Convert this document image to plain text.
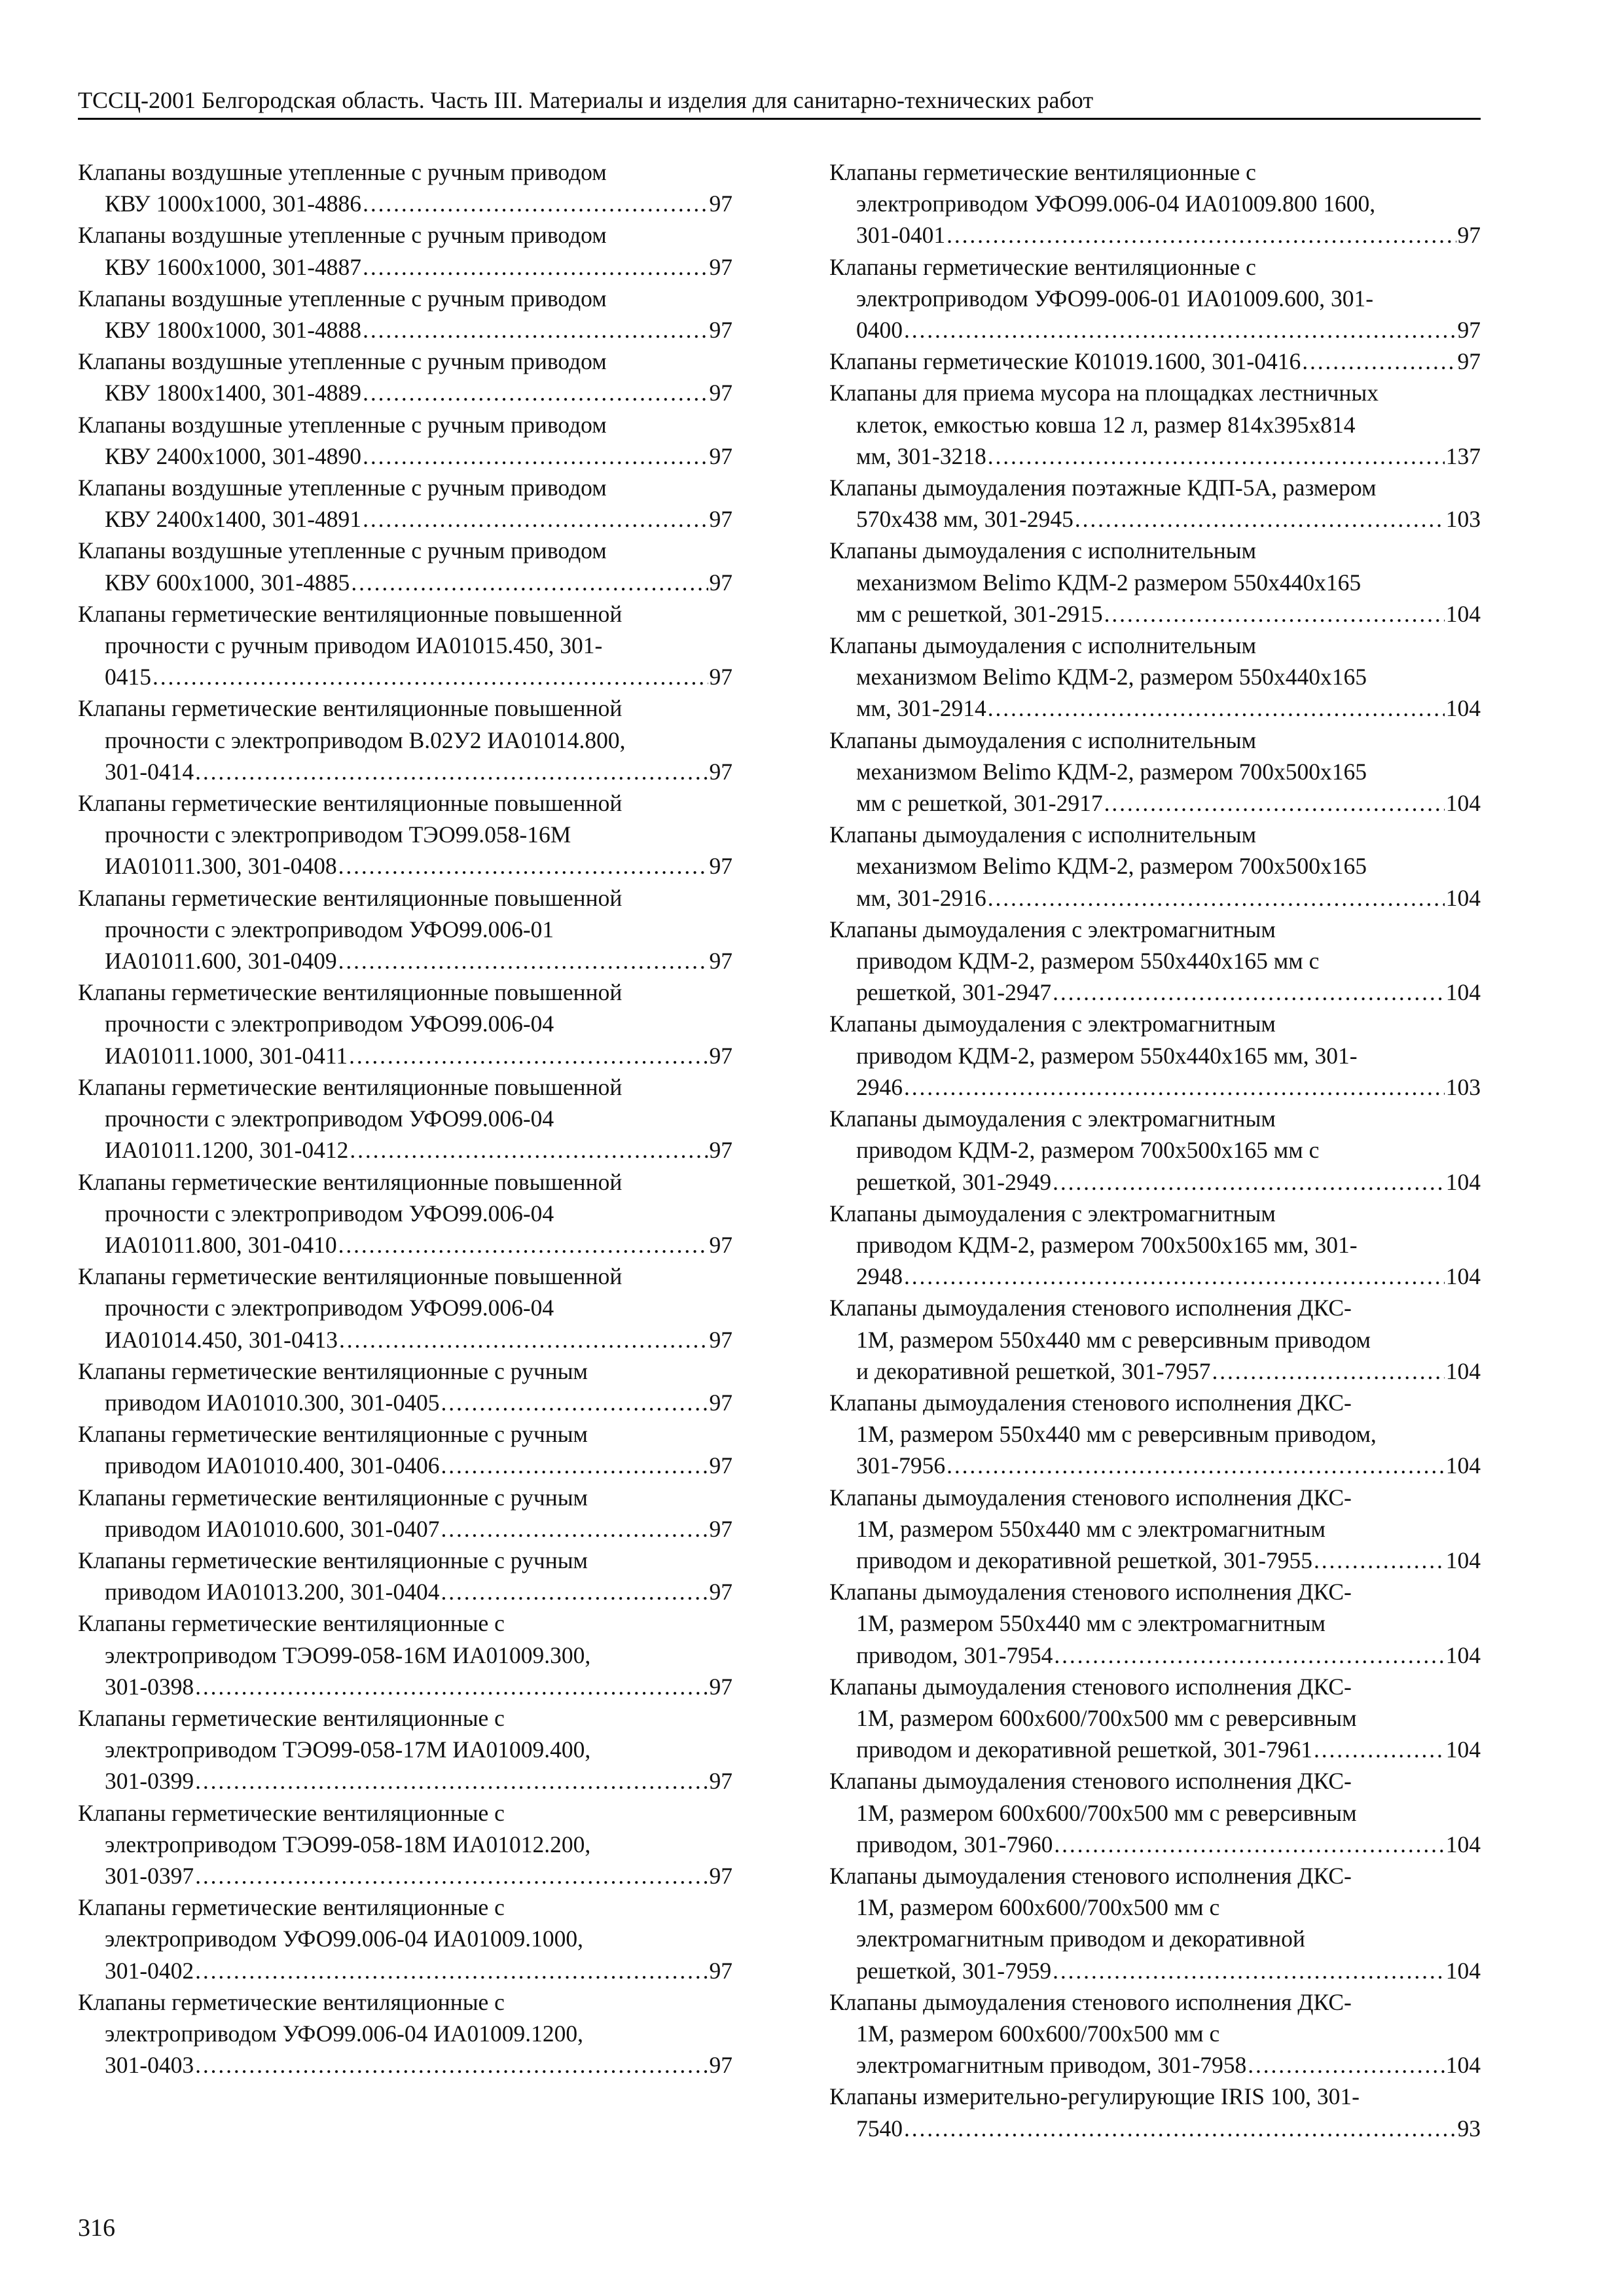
ТССЦ-2001 Белгородская область. Часть III. Материалы и изделия для санитарно-технических работ
Клапаны воздушные утепленные с ручным приводом
КВУ 1000x1000, 301-4886 . . .	97
Клапаны воздушные утепленные с ручным приводом
КВУ 1600x1000, 301-4887 . . .	97
Клапаны воздушные утепленные с ручным приводом
КВУ 1800x1000, 301-4888 . . .	97
Клапаны воздушные утепленные с ручным приводом
КВУ 1800x1400, 301-4889 . . .	97
Клапаны воздушные утепленные с ручным приводом
КВУ 2400x1000, 301-4890 . . .	97
Клапаны воздушные утепленные с ручным приводом
КВУ 2400x1400, 301-4891 . . .	97
Клапаны воздушные утепленные с ручным приводом
КВУ 600x1000, 301-4885 . . .	97
Клапаны герметические вентиляционные повышенной
прочности с ручным приводом ИА01015.450, 301-
0415 . . .	97
Клапаны герметические вентиляционные повышенной
прочности с электроприводом В.02У2 ИА01014.800,
301-0414 . . .	97
Клапаны герметические вентиляционные повышенной
прочности с электроприводом ТЭО99.058-16М
ИА01011.300, 301-0408 . . .	97
Клапаны герметические вентиляционные повышенной
прочности с электроприводом УФО99.006-01
ИА01011.600, 301-0409 . . .	97
Клапаны герметические вентиляционные повышенной
прочности с электроприводом УФО99.006-04
ИА01011.1000, 301-0411 . . .	97
Клапаны герметические вентиляционные повышенной
прочности с электроприводом УФО99.006-04
ИА01011.1200, 301-0412 . . .	97
Клапаны герметические вентиляционные повышенной
прочности с электроприводом УФО99.006-04
ИА01011.800, 301-0410 . . .	97
Клапаны герметические вентиляционные повышенной
прочности с электроприводом УФО99.006-04
ИА01014.450, 301-0413 . . .	97
Клапаны герметические вентиляционные с ручным
приводом ИА01010.300, 301-0405 . . .	97
Клапаны герметические вентиляционные с ручным
приводом ИА01010.400, 301-0406 . . .	97
Клапаны герметические вентиляционные с ручным
приводом ИА01010.600, 301-0407 . . .	97
Клапаны герметические вентиляционные с ручным
приводом ИА01013.200, 301-0404 . . .	97
Клапаны герметические вентиляционные с
электроприводом ТЭО99-058-16М ИА01009.300,
301-0398 . . .	97
Клапаны герметические вентиляционные с
электроприводом ТЭО99-058-17М ИА01009.400,
301-0399 . . .	97
Клапаны герметические вентиляционные с
электроприводом ТЭО99-058-18М ИА01012.200,
301-0397 . . .	97
Клапаны герметические вентиляционные с
электроприводом УФО99.006-04 ИА01009.1000,
301-0402 . . .	97
Клапаны герметические вентиляционные с
электроприводом УФО99.006-04 ИА01009.1200,
301-0403 . . .	97
Клапаны герметические вентиляционные с
электроприводом УФО99.006-04 ИА01009.800 1600,
301-0401 . . .	97
Клапаны герметические вентиляционные с
электроприводом УФО99-006-01 ИА01009.600, 301-
0400 . . .	97
Клапаны герметические К01019.1600, 301-0416 . . .	97
Клапаны для приема мусора на площадках лестничных
клеток, емкостью ковша 12 л, размер 814x395x814
мм, 301-3218 . . .	137
Клапаны дымоудаления поэтажные КДП-5А, размером
570x438 мм, 301-2945 . . .	103
Клапаны дымоудаления с исполнительным
механизмом Belimo КДМ-2 размером 550x440x165
мм с решеткой, 301-2915 . . .	104
Клапаны дымоудаления с исполнительным
механизмом Belimo КДМ-2, размером 550x440x165
мм, 301-2914 . . .	104
Клапаны дымоудаления с исполнительным
механизмом Belimo КДМ-2, размером 700x500x165
мм с решеткой, 301-2917 . . .	104
Клапаны дымоудаления с исполнительным
механизмом Belimo КДМ-2, размером 700x500x165
мм, 301-2916 . . .	104
Клапаны дымоудаления с электромагнитным
приводом КДМ-2, размером 550x440x165 мм с
решеткой, 301-2947 . . .	104
Клапаны дымоудаления с электромагнитным
приводом КДМ-2, размером 550x440x165 мм, 301-
2946 . . .	103
Клапаны дымоудаления с электромагнитным
приводом КДМ-2, размером 700x500x165 мм с
решеткой, 301-2949 . . .	104
Клапаны дымоудаления с электромагнитным
приводом КДМ-2, размером 700x500x165 мм, 301-
2948 . . .	104
Клапаны дымоудаления стенового исполнения ДКС-
1М, размером 550x440 мм с реверсивным приводом
и декоративной решеткой, 301-7957 . . .	104
Клапаны дымоудаления стенового исполнения ДКС-
1М, размером 550x440 мм с реверсивным приводом,
301-7956 . . .	104
Клапаны дымоудаления стенового исполнения ДКС-
1М, размером 550x440 мм с электромагнитным
приводом и декоративной решеткой, 301-7955 . . .	104
Клапаны дымоудаления стенового исполнения ДКС-
1М, размером 550x440 мм с электромагнитным
приводом, 301-7954 . . .	104
Клапаны дымоудаления стенового исполнения ДКС-
1М, размером 600x600/700x500 мм с реверсивным
приводом и декоративной решеткой, 301-7961 . . .	104
Клапаны дымоудаления стенового исполнения ДКС-
1М, размером 600x600/700x500 мм с реверсивным
приводом, 301-7960 . . .	104
Клапаны дымоудаления стенового исполнения ДКС-
1М, размером 600x600/700x500 мм с
электромагнитным приводом и декоративной
решеткой, 301-7959 . . .	104
Клапаны дымоудаления стенового исполнения ДКС-
1М, размером 600x600/700x500 мм с
электромагнитным приводом, 301-7958 . . .	104
Клапаны измерительно-регулирующие IRIS 100, 301-
7540 . . .	93
316
